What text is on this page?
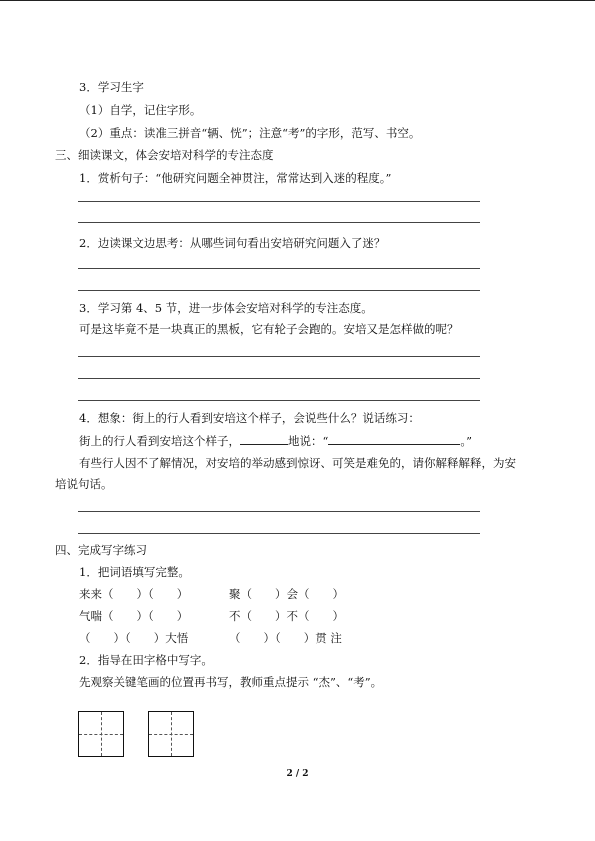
3．学习生字
（1）自学，记住字形。
（2）重点：读准三拼音“辆、恍”；注意“考”的字形，范写、书空。
三、细读课文，体会安培对科学的专注态度
1．赏析句子：“他研究问题全神贯注，常常达到入迷的程度。”
2．边读课文边思考：从哪些词句看出安培研究问题入了迷？
3．学习第 4、5 节，进一步体会安培对科学的专注态度。
可是这毕竟不是一块真正的黑板，它有轮子会跑的。安培又是怎样做的呢？
4．想象：街上的行人看到安培这个样子，会说些什么？说话练习：
街上的行人看到安培这个样子，	地说：“	。”
有些行人因不了解情况，对安培的举动感到惊讶、可笑是难免的，请你解释解释，为安
培说句话。
四、完成写字练习
1．把词语填写完整。
来来（　　）（　　）	聚（　　）会（　　）
气喘（　　）（　　）	不（　　）不（　　）
（　　）（　　）大悟	（　　）（　　）贯 注
2．指导在田字格中写字。
先观察关键笔画的位置再书写，教师重点提示 “杰”、“考”。
2 / 2
